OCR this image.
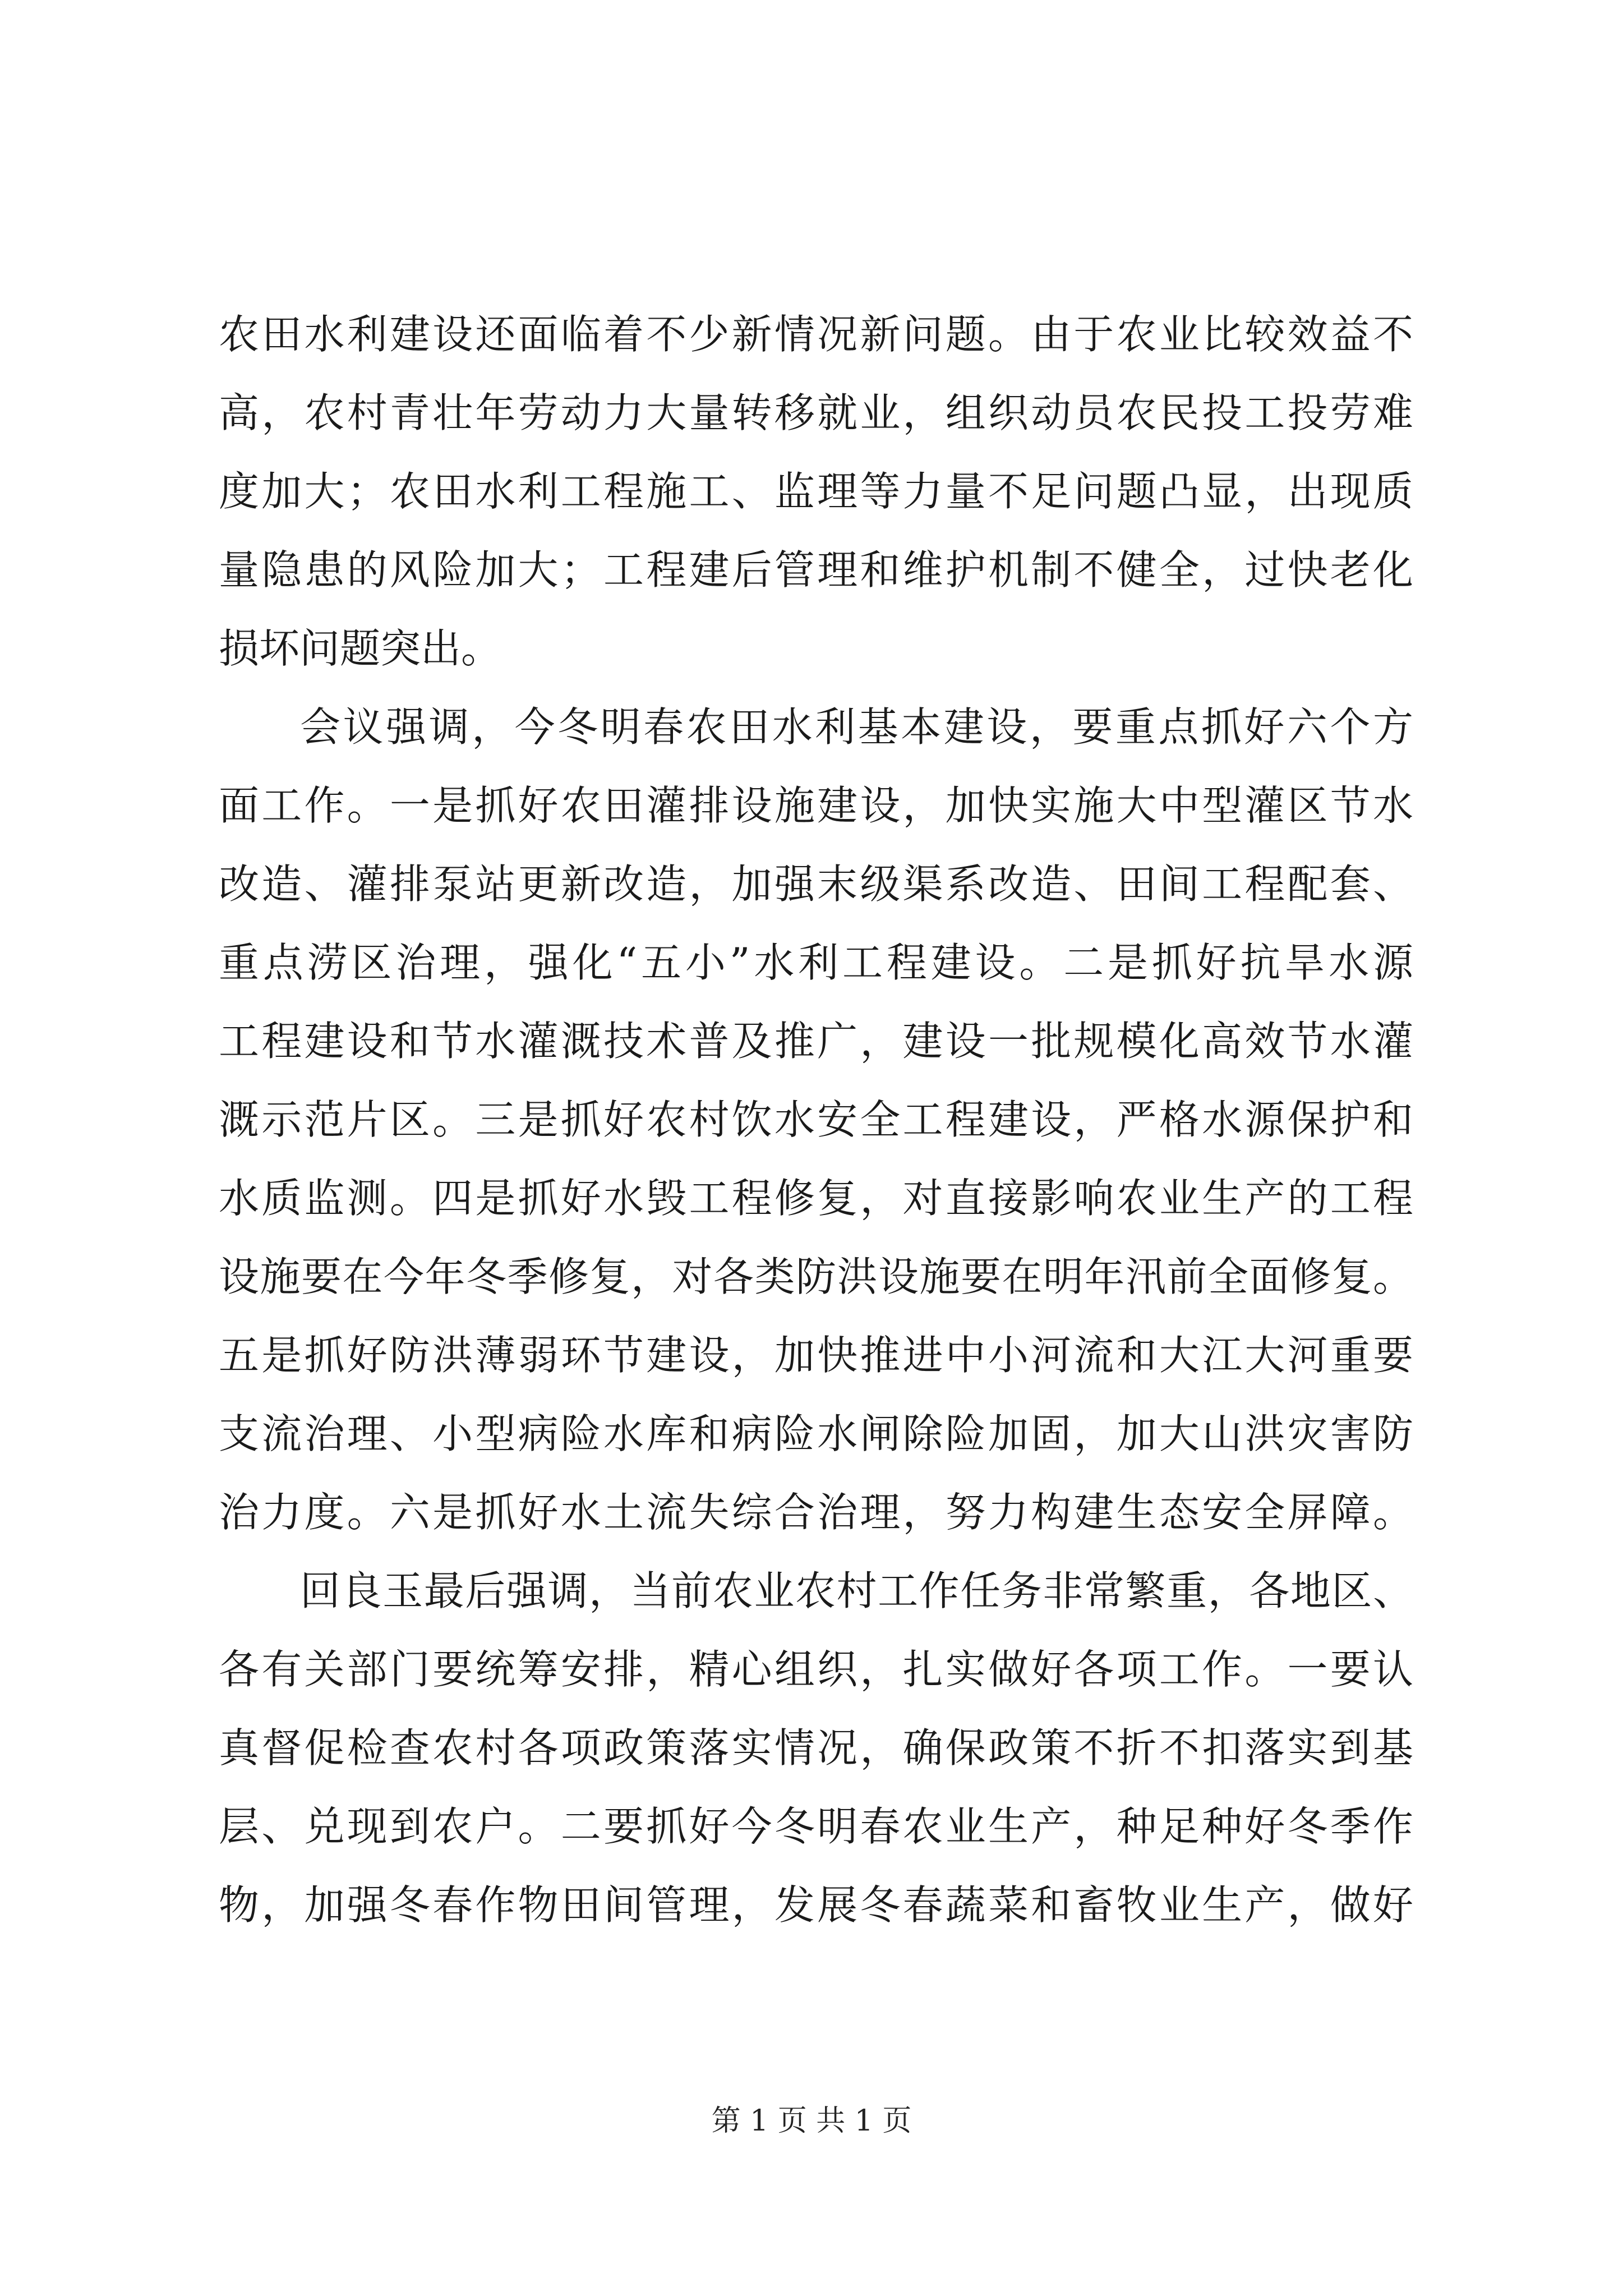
农田水利建设还面临着不少新情况新问题。由于农业比较效益不
高，农村青壮年劳动力大量转移就业，组织动员农民投工投劳难
度加大；农田水利工程施工、监理等力量不足问题凸显，出现质
量隐患的风险加大；工程建后管理和维护机制不健全，过快老化
损坏问题突出。
会议强调，今冬明春农田水利基本建设，要重点抓好六个方
面工作。一是抓好农田灌排设施建设，加快实施大中型灌区节水
改造、灌排泵站更新改造，加强末级渠系改造、田间工程配套、
重点涝区治理，强化“五小”水利工程建设。二是抓好抗旱水源
工程建设和节水灌溉技术普及推广，建设一批规模化高效节水灌
溉示范片区。三是抓好农村饮水安全工程建设，严格水源保护和
水质监测。四是抓好水毁工程修复，对直接影响农业生产的工程
设施要在今年冬季修复，对各类防洪设施要在明年汛前全面修复。
五是抓好防洪薄弱环节建设，加快推进中小河流和大江大河重要
支流治理、小型病险水库和病险水闸除险加固，加大山洪灾害防
治力度。六是抓好水土流失综合治理，努力构建生态安全屏障。
回良玉最后强调，当前农业农村工作任务非常繁重，各地区、
各有关部门要统筹安排，精心组织，扎实做好各项工作。一要认
真督促检查农村各项政策落实情况，确保政策不折不扣落实到基
层、兑现到农户。二要抓好今冬明春农业生产，种足种好冬季作
物，加强冬春作物田间管理，发展冬春蔬菜和畜牧业生产，做好
第 1 页 共 1 页
